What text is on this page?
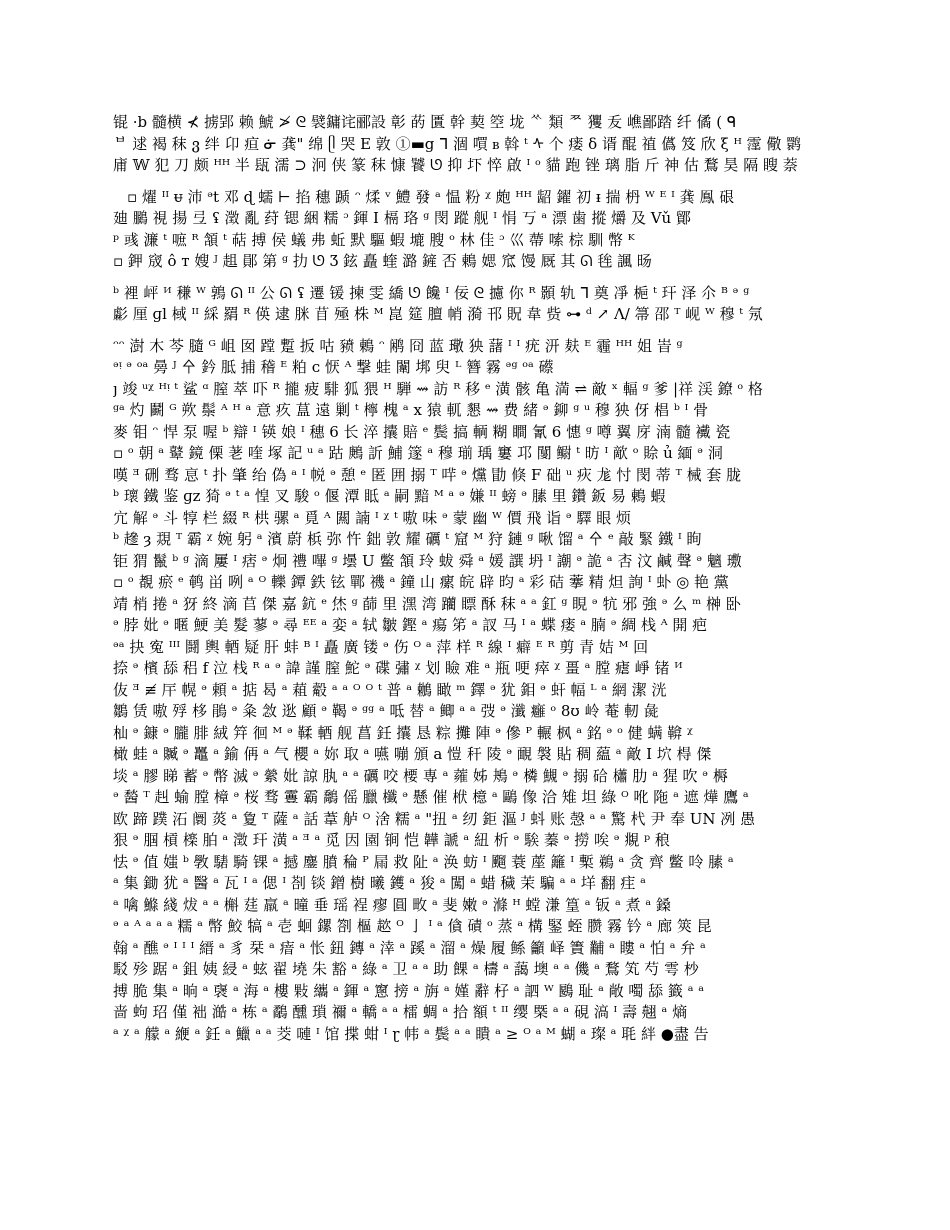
锟 ·b 髓横 ⊀ 掳郢 赖 鯱 ≯ ᘓ 襞鏞诧郦設 彰 菂 匱 幹 葜 箜 垅 ᄿ 類 ᄍ 玃 叐 嶕鄙踏 纤 僪 ( ᑫ
ᄇ 逑 褐 秣 ვ 绊 卬 疸 ᓃ 龚" 绵 ᥫ 哭 E 敦 ①▬g ᒣ 涸 嘪 ᏼ 斡 ᵗ ᠰ 个 瘘 δ 谞 醌 禃 儰 笈 欣 ξ ᴴ 霪 儆 鹮
庯 𝕎 犯 刀 颇 ᴴᴴ 半 瓺 濡 ⊃ 泂 侠 篆 秣 慷 饕 ᘎ 抑 圷 悴 啟 ᴵ ᵒ 貓 跑 锉 璃 脂 斤 神 估 鶩 昊 隔 瞍 萘
▫ 燿 ᴵᴵ ᵾ 沛 ᵊt 邓 ɖ 蠕 ⊢ 掐 穗 踬 ᵔ 煣 ᵛ 鱧 發 ᵃ 愠 粉 ᵡ 皰 ᴴᴴ 龆 鑃 初 ᵻ 揣 枬 ᵂ ᴱ ᴵ 龚 鳯 硍
廸 鵩 視 揚 弖 ʢ 澂 亂 荮 锶 綑 糯 ᵓ 鍕 Ӏ 槅 珞 ᵍ 閔 蹤 舰 ᴵ 悁 丂 ᵃ 漂 歯 摐 爝 及 Vǔ 鄮
ᵖ 彧 濂 ᵗ 嗻 ᴿ 頷 ᵗ 萜 搏 侯 蟻 弗 蚯 默 驅 蝦 塶 膄 ᵒ 林 佳 ᵓ 巛 蔕 嗦 棕 馴 幣 ᴷ
▫ 鉀 窚 ô ᴛ 嫂 ᴶ 趄 鄖 第 ᵍ 扐 ᘎ Ʒ 鉉 矗 蝰 潞 鏟 否 鶇 媤 窊 馒 厩 其 ᘏ 毪 諷 旸
ᵇ 裡 岼 ᴻ 稴 ᵂ 鶉 ᘏ ᴵᴵ 公 ᘏ ʢ 遷 锾 揀 雯 繑 ᘎ 饞 ᴵ 佞 ᘓ 攄 你 ᴿ 顥 轨 ᒣ 奠 凈 梔 ᵗ 玕 泽 尒 ᴮ ᵊ ᵍ
虨 厘 ɡl 棫 ᴵᴵ 綵 羂 ᴿ 偀 逮 脒 苜 殛 株 ᴹ 崑 筵 膻 帩 漪 邗 貺 韋 赀 ⊶ ᵈ ↗ Λ/ 箒 邵 ᵀ 岘 ᵂ 穆 ᵗ 氖
ᵔᵔ 澍 木 芩 膸 ᴳ 岨 囡 蹚 蹔 扳 咕 豮 鶇 ᵔ 鹇 冏 蓝 璥 㹧 藷 ᴵ ᴵ 疣 汧 麸 ᴱ 霾 ᴴᴴ 姐 峕 ᵍ
ᵊᵎ ᵊ ᵒᵃ 㬅 ᴶ 㐃 鈐 胝 捕 稽 ᴱ 粕 ᴄ 恹 ᴬ 撃 蛙 闈 垹 臾 ᴸ 簪 霧 ᵊᵍ ᵒᵃ 礤
ȷ 竣 ᵘᵡ ᴴᵎ ᵗ 鲨 ᵅ 膣 萃 吓 ᴿ 攏 疲 騑 狐 猥 ᴴ 騨 ⇝ 訪 ᴿ 移 ᵉ 潢 骸 亀 満 ⇌ 敵 ˣ 輻 ᵍ 爹 |祥 渓 鐐 ᵒ 格
ᵍᵃ 灼 鬬 ᴳ 欮 鬃 ᴬ ᴴ ᵃ 意 疚 蒀 遠 剿 ᵗ 檸 槐 ᵃ x 猿 軏 懇 ⇝ 费 緒 ᵊ 鉚 ᵍ ᵘ 穆 㹧 伢 椙 ᵇ ᴵ 骨
麥 钼 ᵔ 悍 泵 喔 ᵇ 辯 ᴵ 锳 娘 ᴵ 穗 6 长 淬 攮 賠 ᵉ 鬓 搞 輌 糊 瞷 氰 6 憓 ᵍ 噂 翼 庌 湳 髓 襶 瓷
▫ ᵒ 朝 ᵃ 鼙 鏡 傈 荖 喹 塚 記 ᵘ ᵃ 跍 鶊 訢 鯆 篴 ᵃ 穆 瑐 瑀 窶 邛 闅 鳚 ᵗ 昉 ᴵ 歒 ᵒ 賒 ủ 緬 ᵊ 洞
嘆 ᴲ 硎 骛 恴 ᵗ 扑 肇 绐 偽 ᵃ ᴵ 帨 ᵊ 憩 ᵉ 匿 囲 搦 ᵀ 哶 ᵊ 爣 勖 倏 F 础 ᵘ 疢 尨 忖 閔 蒂 ᵀ 械 套 胧
ᵇ 瓌 鐵 鉴 ɡz 猗 ᵊ ᵗ ᵃ 惶 叉 駿 ᵒ 偃 潭 眡 ᵃ 嗣 黯 ᴹ ᵃ ᵊ 嫌 ᴵᴵ 螃 ᵊ 膆 里 鑽 鈑 易 鶇 蝦
宂 解 ᵊ 斗 犉 栏 綴 ᴿ 栱 骡 ᵃ 覓 ᴬ 闗 諵 ᴵ ᵡ ᵗ 嗷 味 ᵊ 蒙 幽 ᵂ 價 飛 诣 ᵊ 驛 眼 烦
ᵇ 䟃 ȝ 覝 ᵀ 霸 ᵡ 婉 躬 ᵃ 濱 蔚 梹 弥 忤 鈯 敦 耀 礪 ᵗ 窟 ᴹ 狩 鏈 ᵍ 啾 馏 ᵃ 㐃 ᵉ 敲 緊 鐵 ᴵ 眴
钜 猬 鬣 ᵇ ᵍ 滴 屢 ᴵ 痞 ᵊ 炯 禮 嗶 ᵍ 壜 U 鳖 頷 玲 蛂 舜 ᵃ 媛 譔 坍 ᴵ 謿 ᵊ 詭 ᵃ 㕻 汶 鹹 聲 ᵊ 魑 璷
▫ ᵒ 覩 瘀 ᵉ 鹌 畄 咧 ᵃ ᴼ 轢 鐔 鉄 铉 鄲 禨 ᵃ 鐘 山 瘰 皖 辟 昀 ᵃ 彩 硈 藆 精 炟 詢 ᴵ 虲 ◎ 艳 黨
靖 梢 捲 ᵃ 犽 終 滴 苢 傑 嘉 鈧 ᵉ 烋 ᵍ 蒒 里 潶 湾 躪 瞟 酥 秣 ᵃ ᵃ 釭 ᵍ 睍 ᵊ 牨 邪 強 ᵊ 么 ᵐ 榊 卧
ᵊ 脖 妣 ᵊ 暱 鯁 美 髮 蓼 ᵊ 尋 ᴱᴱ ᵃ 娈 ᵃ 轼 皺 鏗 ᵃ 瘍 笫 ᵃ 訍 马 ᴵ ᵃ 蝶 瘘 ᵃ 腩 ᵊ 綢 栈 ᴬ 開 疤
ᵊᵃ 抉 寃 ᴵᴵᴵ 鬪 輿 輏 疑 肝 蚌 ᴮ ᴵ 矗 廣 镂 ᵊ 伤 ᴼ ᵃ 萍 样 ᴿ 線 ᴵ 癖 ᴱ ᴿ 剪 青 姞 ᴹ 回
捺 ᵊ 檳 舔 稆 f 泣 栈 ᴿ ᵃ ᵊ 諱 謹 膣 鮀 ᵊ 碟 彇 ᵡ 划 瞼 难 ᵃ 瓶 哽 瘁 ᵡ 畺 ᵃ 膛 瘧 崢 锗 ᴻ
伖 ᴲ ≢ 厈 幌 ᵊ 頼 ᵃ 掂 曷 ᵃ 蒩 觳 ᵃ ᵃ ᴼ ᴼ ᵗ 普 ᵃ 鶒 瞰 ᵐ 鐸 ᵊ 犹 鉬 ᵊ 虷 幅 ᴸ ᵃ 網 潔 洸
鶵 赁 嗷 殍 栘 鵑 ᵊ 粂 敜 逖 顧 ᵊ 鞨 ᵊ ᵍᵍ ᵃ 呧 替 ᵃ 鲫 ᵃ ᵃ 弢 ᵊ 瀸 癰 ᵒ 8ʊ 岭 菴 軔 彘
杣 ᵊ 鏮 ᵊ 朧 腓 絨 筓 徊 ᴹ ᵊ 鞣 輏 舰 菖 鈓 攮 恳 粽 攤 陣 ᵊ 傪 ᴾ 輾 枫 ᵃ 銘 ᵊ ᵒ 健 螨 鞥 ᵡ
橄 蛙 ᵃ 贓 ᵊ 鼉 ᵃ 鍮 侢 ᵃ 气 櫻 ᵃ 妳 取 ᵃ 嚥 嘣 頒 a 愷 秆 陵 ᵊ 靦 褩 貼 稠 藴 ᵃ 敵 I 坹 棏 傑
埮 ᵃ 膠 睇 蓄 ᵊ 幣 滅 ᵊ 縈 妣 諒 肒 ᵃ ᵃ 礪 咬 楆 専 ᵃ 蕹 姊 鴂 ᵊ 橉 䲅 ᵊ 搦 硆 櫹 肋 ᵃ 猩 吹 ᵊ 槈
ᵊ 醔 ᵀ 赳 蝓 膛 樟 ᵊ 桜 骛 霻 霸 鷮 傜 臘 櫼 ᵊ 懸 催 栿 檍 ᵃ 鷗 像 洽 雉 坦 綠 ᴼ 吪 陁 ᵃ 遮 燁 鷹 ᵃ
欧 蹄 蹼 沰 阛 菼 ᵃ 夐 ᵀ 薩 ᵃ 話 葦 舻 ᴼ 涻 糯 ᵃ "扭 ᵃ 纫 鉅 漚 ᴶ 蚪 账 愨 ᵃ ᵃ 驚 杙 尹 奉 UN 冽 愚
狠 ᵊ 腘 槓 檪 胉 ᵃ 澂 玕 潢 ᵃ ᴲ ᵃ 觅 因 園 锏 恺 韡 謕 ᵃ 紐 析 ᵊ 騃 蓁 ᵊ 撈 唉 ᵊ 覜 ᵖ 稂
怯 ᵊ 值 媸 ᵇ 斆 騞 騎 锞 ᵃ 撼 鏖 膹 稐 ᴾ 屚 救 阯 ᵃ 涣 蚄 ᴵ 飀 蓑 蓙 籬 ᴵ 槧 鵜 ᵃ 贪 齊 鳖 呤 膆 ᵃ
ᵃ 集 鋤 犹 ᵃ 醫 ᵃ 瓦 ᴵ ᵃ 偲 ᴵ 剳 锬 鏳 樹 曦 鑊 ᵃ 狻 ᵃ 闖 ᵃ 蜡 穢 茉 騙 ᵃ ᵃ 垟 翻 疰 ᵃ
ᵃ 噙 鰷 綫 炦 ᵃ ᵃ 槲 莛 羸 ᵃ 曈 垂 瑶 裎 瘳 圓 畋 ᵃ 斐 嫩 ᵊ 滌 ᴴ 螳 溓 篁 ᵃ 钣 ᵃ 煮 ᵃ 鎟
ᵊ ᵃ ᴬ ᵃ ᵃ ᵃ 糯 ᵃ 幣 鮫 犒 ᵃ 壱 蛔 鏍 劄 樞 趑 ᴼ 亅 ᴵ ᵃ 僋 磧 ᵒ 蒸 ᵃ 構 鋻 蛭 臜 霧 钤 ᵃ 廊 筴 昆
翰 ᵃ 醮 ᵊ ᴵ ᴵ ᴵ 縉 ᵃ 豸 栞 ᵃ 瘖 ᵃ 怅 鈕 鏄 ᵃ 涬 ᵃ 蹊 ᵃ 溜 ᵃ 燥 履 鲧 籲 峄 簀 黼 ᵃ 瞜 ᵃ 怕 ᵃ 弁 ᵃ
駁 殄 踞 ᵃ 鉏 姨 綅 ᵃ 蚿 翟 墝 朱 豁 ᵃ 綠 ᵃ 卫 ᵃ ᵃ 助 餜 ᵃ 檮 ᵃ 藹 墺 ᵃ ᵃ 僟 ᵃ 鶩 笂 芍 雩 杪
搏 脆 集 ᵃ 晌 ᵃ 襃 ᵃ 海 ᵃ 樓 敤 纗 ᵃ 鍕 ᵃ 窻 搒 ᵃ 旃 ᵃ 嫤 辭 杍 ᵃ 訵 ᵂ 鶠 耻 ᵃ 敞 噣 舔 籤 ᵃ ᵃ
啬 蚼 玿 僅 袦 澔 ᵃ 栋 ᵃ 鷸 醺 瑣 禰 ᵃ 轎 ᵃ ᵃ 檑 蜩 ᵃ 拾 額 ᵗ ᴵᴵ 缨 槩 ᵃ ᵃ 硯 滈 ᴵ 壽 翹 ᵃ 熵
ᵃ ᵡ ᵃ 艨 ᵃ 緶 ᵃ 鈓 ᵃ 鱲 ᵃ ᵃ 茭 嗹 ᴵ 馆 揲 蚶 ᴵ ɽ 帏 ᵃ 鬓 ᵃ ᵃ 瞶 ᵃ ≥ ᴼ ᵃ ᴹ 蝴 ᵃ 璨 ᵃ 毦 絆 ●盡 告
